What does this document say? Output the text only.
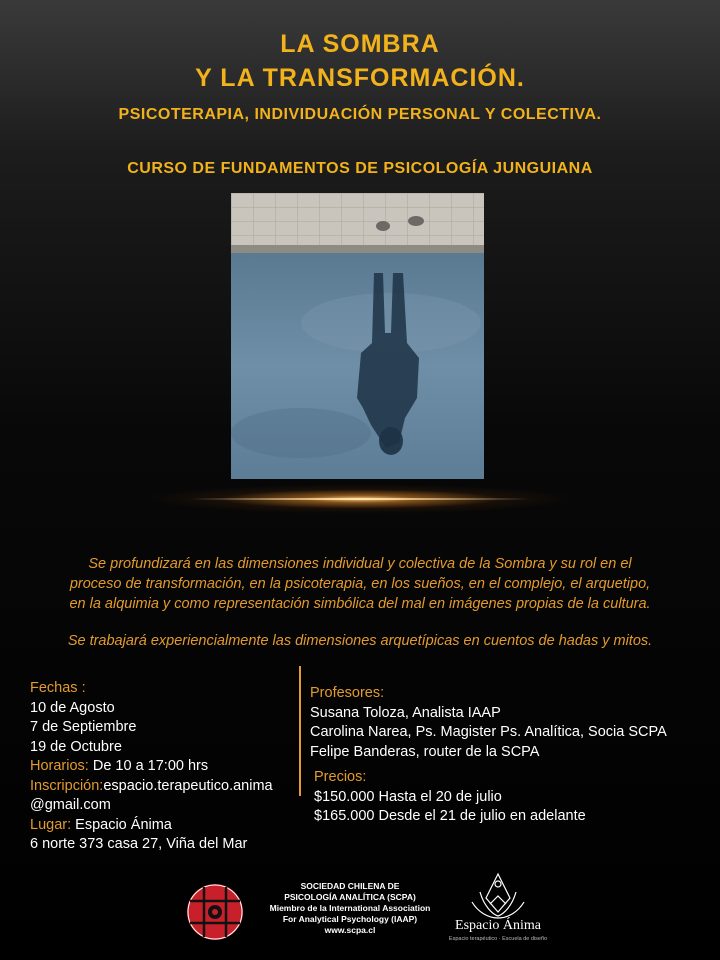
LA SOMBRA
Y LA TRANSFORMACIÓN.
PSICOTERAPIA, INDIVIDUACIÓN PERSONAL Y COLECTIVA.
CURSO DE FUNDAMENTOS DE PSICOLOGÍA JUNGUIANA
Se profundizará en las dimensiones individual y colectiva de la Sombra y su rol en el
proceso de transformación, en la psicoterapia, en los sueños, en el complejo, el arquetipo,
en la alquimia y como representación simbólica del mal en imágenes propias de la cultura.
Se trabajará experiencialmente las dimensiones arquetípicas en cuentos de hadas y mitos.
Fechas :
10 de Agosto
7 de Septiembre
19 de Octubre
Horarios: De 10 a 17:00 hrs
Inscripción:espacio.terapeutico.anima
@gmail.com
Lugar: Espacio Ánima
6 norte 373 casa 27, Viña del Mar
Profesores:
Susana Toloza, Analista IAAP
Carolina Narea, Ps. Magister Ps. Analítica, Socia SCPA
Felipe Banderas, router de la SCPA
Precios:
$150.000 Hasta el 20 de julio
$165.000 Desde el 21 de julio en adelante
SOCIEDAD CHILENA DE
PSICOLOGÍA ANALÍTICA (SCPA)
Miembro de la International Association
For Analytical Psychology (IAAP)
www.scpa.cl	Espacio Ánima
Espacio terapéutico · Escuela de diseño
